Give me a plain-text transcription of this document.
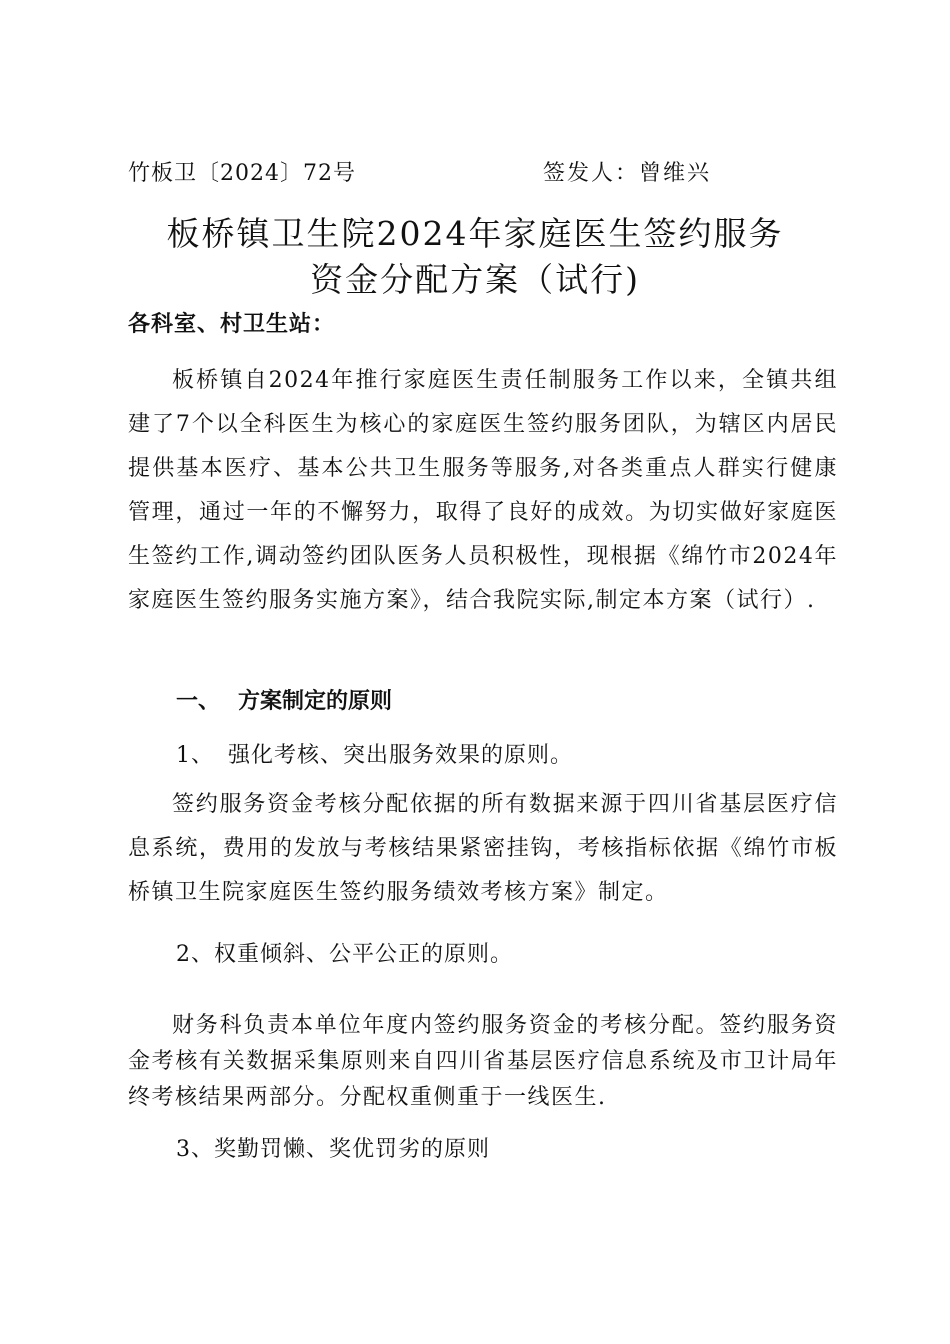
竹板卫〔2024〕72号	签发人：曾维兴
板桥镇卫生院2024年家庭医生签约服务
资金分配方案（试行)
各科室、村卫生站：
板桥镇自2024年推行家庭医生责任制服务工作以来，全镇共组建了7个以全科医生为核心的家庭医生签约服务团队，为辖区内居民提供基本医疗、基本公共卫生服务等服务,对各类重点人群实行健康管理，通过一年的不懈努力，取得了良好的成效。为切实做好家庭医生签约工作,调动签约团队医务人员积极性，现根据《绵竹市2024年家庭医生签约服务实施方案》，结合我院实际,制定本方案（试行）.
一、 方案制定的原则
1、 强化考核、突出服务效果的原则。
签约服务资金考核分配依据的所有数据来源于四川省基层医疗信息系统，费用的发放与考核结果紧密挂钩，考核指标依据《绵竹市板桥镇卫生院家庭医生签约服务绩效考核方案》制定。
2、权重倾斜、公平公正的原则。
财务科负责本单位年度内签约服务资金的考核分配。签约服务资金考核有关数据采集原则来自四川省基层医疗信息系统及市卫计局年终考核结果两部分。分配权重侧重于一线医生.
3、奖勤罚懒、奖优罚劣的原则
